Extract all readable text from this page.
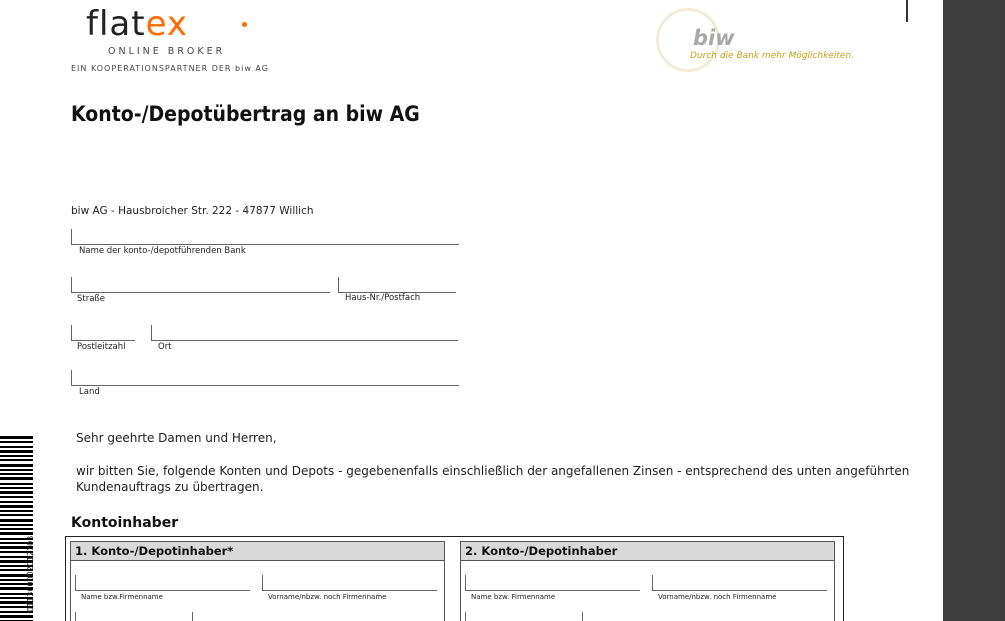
flatex
ONLINE BROKER
EIN KOOPERATIONSPARTNER DER biw AG
biw
Durch die Bank mehr Möglichkeiten.
Konto-/Depotübertrag an biw AG
biw AG - Hausbroicher Str. 222 - 47877 Willich
Name der konto-/depotführenden Bank
Straße	Haus-Nr./Postfach
Postleitzahl	Ort
Land
Sehr geehrte Damen und Herren,
wir bitten Sie, folgende Konten und Depots - gegebenenfalls einschließlich der angefallenen Zinsen - entsprechend des unten angeführten
Kundenauftrags zu übertragen.
Kontoinhaber
1. Konto-/Depotinhaber*
Name bzw.Firmenname	Vorname/nbzw. noch Firmenname
2. Konto-/Depotinhaber
Name bzw. Firmenname	Vorname/nbzw. noch Firmenname
011300002012103
